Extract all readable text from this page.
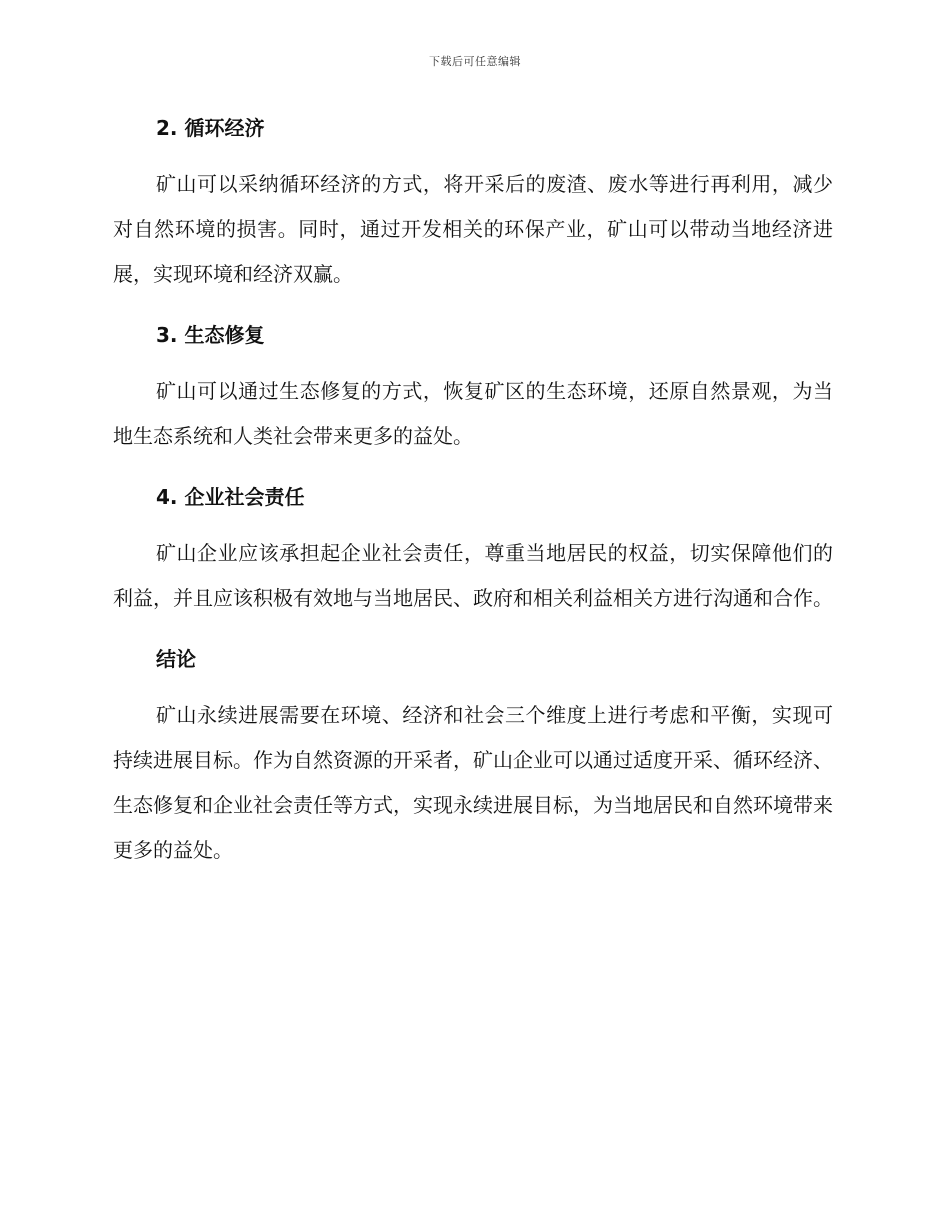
下载后可任意编辑
2. 循环经济

矿山可以采纳循环经济的方式，将开采后的废渣、废水等进行再利用，减少对自然环境的损害。同时，通过开发相关的环保产业，矿山可以带动当地经济进展，实现环境和经济双赢。

3. 生态修复

矿山可以通过生态修复的方式，恢复矿区的生态环境，还原自然景观，为当地生态系统和人类社会带来更多的益处。

4. 企业社会责任

矿山企业应该承担起企业社会责任，尊重当地居民的权益，切实保障他们的利益，并且应该积极有效地与当地居民、政府和相关利益相关方进行沟通和合作。

结论

矿山永续进展需要在环境、经济和社会三个维度上进行考虑和平衡，实现可持续进展目标。作为自然资源的开采者，矿山企业可以通过适度开采、循环经济、生态修复和企业社会责任等方式，实现永续进展目标，为当地居民和自然环境带来更多的益处。
